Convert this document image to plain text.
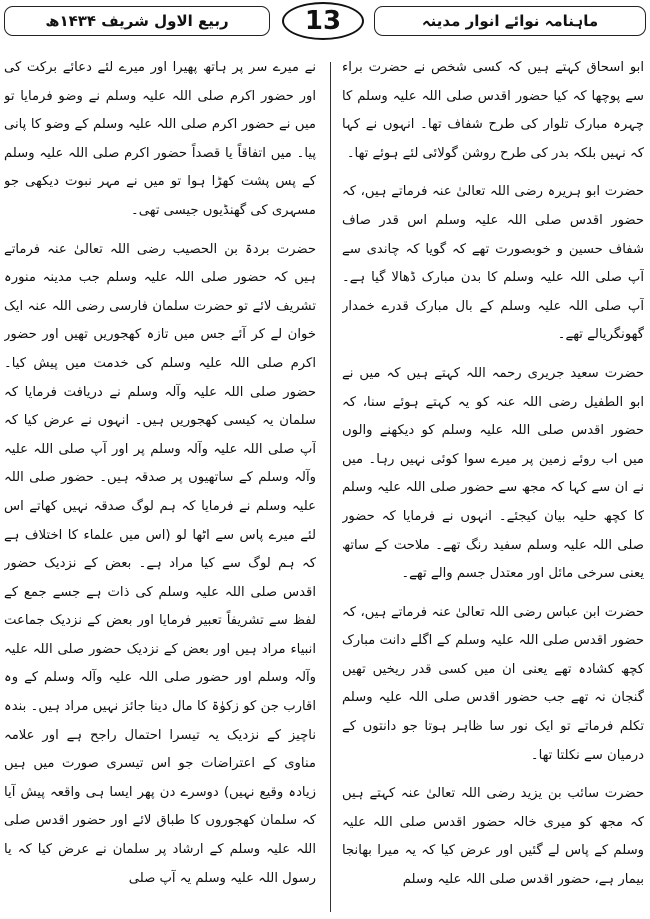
ربیع الاول شریف ۱۴۳۴ھ	13	ماہنامہ نوائے انوار مدینہ

ابو اسحاق کہتے ہیں کہ کسی شخص نے حضرت براء سے پوچھا کہ کیا حضور اقدس صلی اللہ علیہ وسلم کا چہرہ مبارک تلوار کی طرح شفاف تھا۔ انہوں نے کہا کہ نہیں بلکہ بدر کی طرح روشن گولائی لئے ہوئے تھا۔

حضرت ابو ہریرہ رضی اللہ تعالیٰ عنہ فرماتے ہیں، کہ حضور اقدس صلی اللہ علیہ وسلم اس قدر صاف شفاف حسین و خوبصورت تھے کہ گویا کہ چاندی سے آپ صلی اللہ علیہ وسلم کا بدن مبارک ڈھالا گیا ہے۔ آپ صلی اللہ علیہ وسلم کے بال مبارک قدرے خمدار گھونگریالے تھے۔

حضرت سعید جریری رحمہ اللہ کہتے ہیں کہ میں نے ابو الطفیل رضی اللہ عنہ کو یہ کہتے ہوئے سنا، کہ حضور اقدس صلی اللہ علیہ وسلم کو دیکھنے والوں میں اب روئے زمین پر میرے سوا کوئی نہیں رہا۔ میں نے ان سے کہا کہ مجھ سے حضور صلی اللہ علیہ وسلم کا کچھ حلیہ بیان کیجئے۔ انہوں نے فرمایا کہ حضور صلی اللہ علیہ وسلم سفید رنگ تھے۔ ملاحت کے ساتھ یعنی سرخی مائل اور معتدل جسم والے تھے۔

حضرت ابن عباس رضی اللہ تعالیٰ عنہ فرماتے ہیں، کہ حضور اقدس صلی اللہ علیہ وسلم کے اگلے دانت مبارک کچھ کشادہ تھے یعنی ان میں کسی قدر ریخیں تھیں گنجان نہ تھے جب حضور اقدس صلی اللہ علیہ وسلم تکلم فرماتے تو ایک نور سا ظاہر ہوتا جو دانتوں کے درمیان سے نکلتا تھا۔

حضرت سائب بن یزید رضی اللہ تعالیٰ عنہ کہتے ہیں کہ مجھ کو میری خالہ حضور اقدس صلی اللہ علیہ وسلم کے پاس لے گئیں اور عرض کیا کہ یہ میرا بھانجا بیمار ہے، حضور اقدس صلی اللہ علیہ وسلم

نے میرے سر پر ہاتھ پھیرا اور میرے لئے دعائے برکت کی اور حضور اکرم صلی اللہ علیہ وسلم نے وضو فرمایا تو میں نے حضور اکرم صلی اللہ علیہ وسلم کے وضو کا پانی پیا۔ میں اتفاقاً یا قصداً حضور اکرم صلی اللہ علیہ وسلم کے پس پشت کھڑا ہوا تو میں نے مہر نبوت دیکھی جو مسہری کی گھنڈیوں جیسی تھی۔

حضرت بردۃ بن الحصیب رضی اللہ تعالیٰ عنہ فرماتے ہیں کہ حضور صلی اللہ علیہ وسلم جب مدینہ منورہ تشریف لائے تو حضرت سلمان فارسی رضی اللہ عنہ ایک خوان لے کر آئے جس میں تازہ کھجوریں تھیں اور حضور اکرم صلی اللہ علیہ وسلم کی خدمت میں پیش کیا۔ حضور صلی اللہ علیہ وآلہ وسلم نے دریافت فرمایا کہ سلمان یہ کیسی کھجوریں ہیں۔ انہوں نے عرض کیا کہ آپ صلی اللہ علیہ وآلہ وسلم پر اور آپ صلی اللہ علیہ وآلہ وسلم کے ساتھیوں پر صدقہ ہیں۔ حضور صلی اللہ علیہ وسلم نے فرمایا کہ ہم لوگ صدقہ نہیں کھاتے اس لئے میرے پاس سے اٹھا لو (اس میں علماء کا اختلاف ہے کہ ہم لوگ سے کیا مراد ہے۔ بعض کے نزدیک حضور اقدس صلی اللہ علیہ وسلم کی ذات ہے جسے جمع کے لفظ سے تشریفاً تعبیر فرمایا اور بعض کے نزدیک جماعت انبیاء مراد ہیں اور بعض کے نزدیک حضور صلی اللہ علیہ وآلہ وسلم اور حضور صلی اللہ علیہ وآلہ وسلم کے وہ اقارب جن کو زکوٰۃ کا مال دینا جائز نہیں مراد ہیں۔ بندہ ناچیز کے نزدیک یہ تیسرا احتمال راجح ہے اور علامہ مناوی کے اعتراضات جو اس تیسری صورت میں ہیں زیادہ وقیع نہیں) دوسرے دن پھر ایسا ہی واقعہ پیش آیا کہ سلمان کھجوروں کا طباق لائے اور حضور اقدس صلی اللہ علیہ وسلم کے ارشاد پر سلمان نے عرض کیا کہ یا رسول اللہ علیہ وسلم یہ آپ صلی
